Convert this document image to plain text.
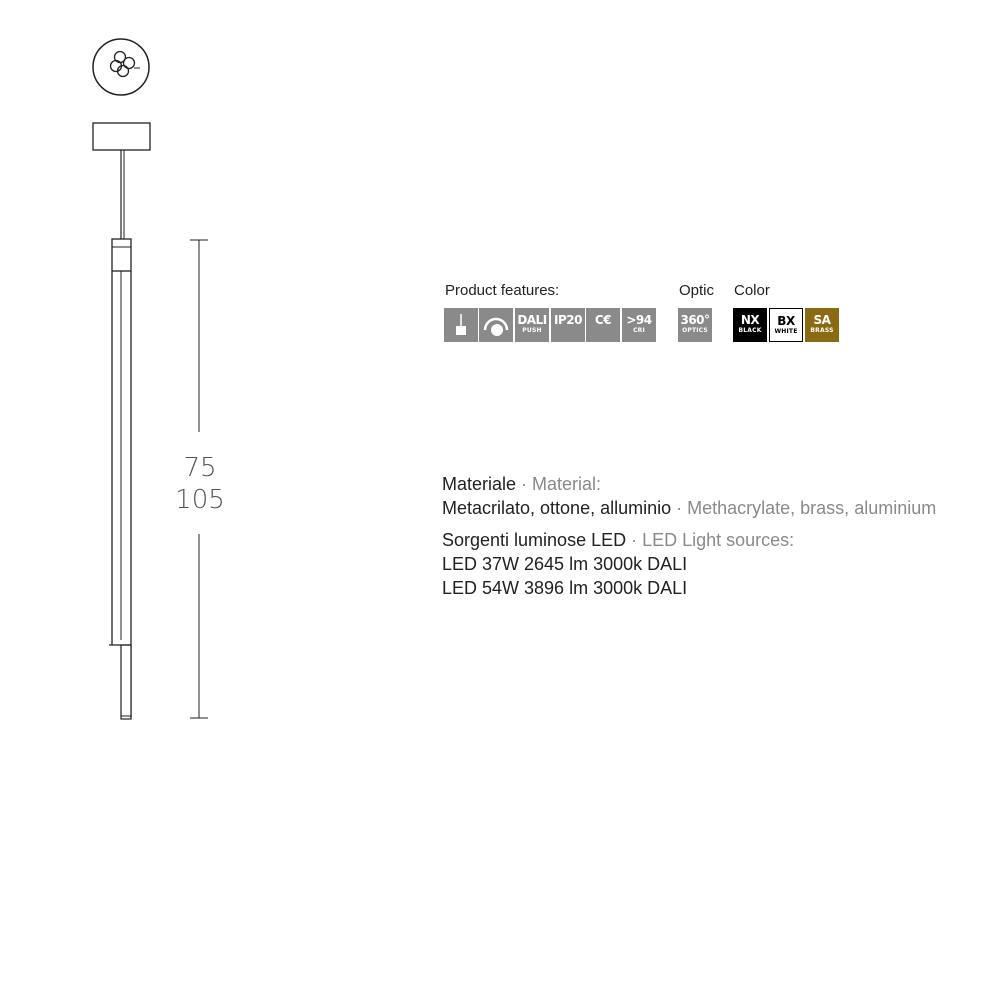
75
105
Product features:	Optic Color
DALI
PUSH
IP20	C€	>94
CRI
360°
OPTICS
NX
BLACK
BX
WHITE
SA
BRASS
Materiale · Material:
Metacrilato, ottone, alluminio · Methacrylate, brass, aluminium
Sorgenti luminose LED · LED Light sources:
LED 37W 2645 lm 3000k DALI
LED 54W 3896 lm 3000k DALI
